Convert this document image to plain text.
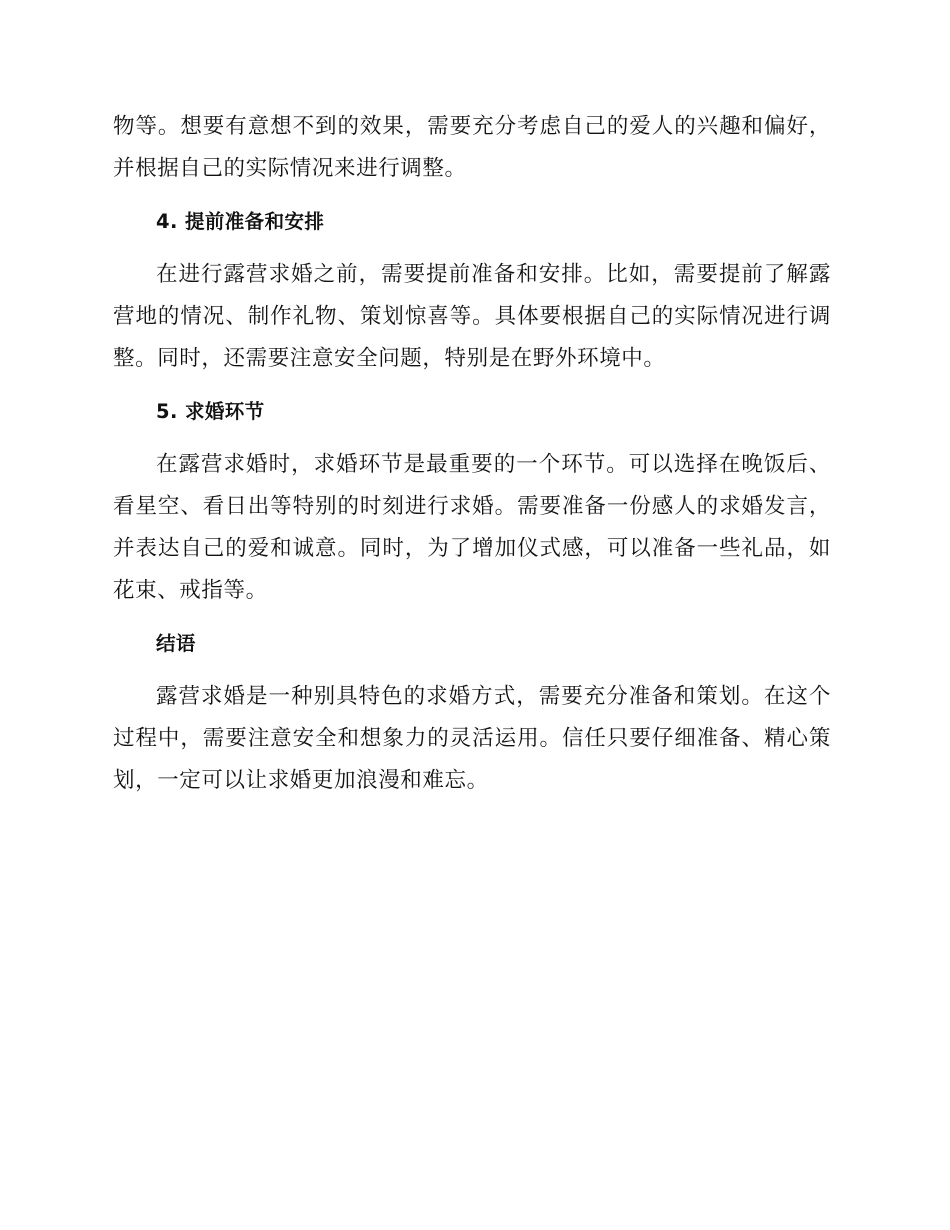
物等。想要有意想不到的效果，需要充分考虑自己的爱人的兴趣和偏好，并根据自己的实际情况来进行调整。

4. 提前准备和安排

在进行露营求婚之前，需要提前准备和安排。比如，需要提前了解露营地的情况、制作礼物、策划惊喜等。具体要根据自己的实际情况进行调整。同时，还需要注意安全问题，特别是在野外环境中。

5. 求婚环节

在露营求婚时，求婚环节是最重要的一个环节。可以选择在晚饭后、看星空、看日出等特别的时刻进行求婚。需要准备一份感人的求婚发言，并表达自己的爱和诚意。同时，为了增加仪式感，可以准备一些礼品，如花束、戒指等。

结语

露营求婚是一种别具特色的求婚方式，需要充分准备和策划。在这个过程中，需要注意安全和想象力的灵活运用。信任只要仔细准备、精心策划，一定可以让求婚更加浪漫和难忘。
